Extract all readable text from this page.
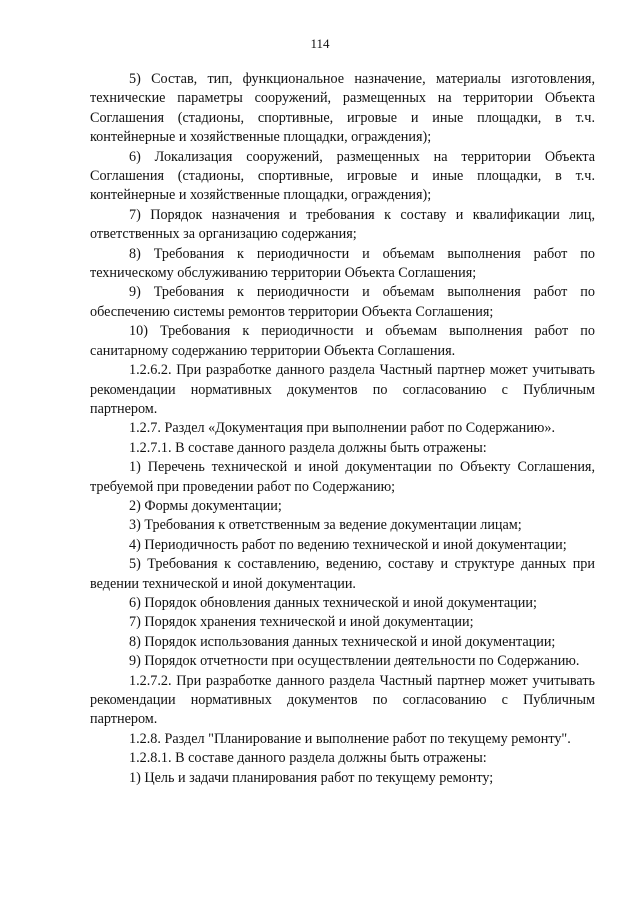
114

5) Состав, тип, функциональное назначение, материалы изготовления, технические параметры сооружений, размещенных на территории Объекта Соглашения (стадионы, спортивные, игровые и иные площадки, в т.ч. контейнерные и хозяйственные площадки, ограждения);

6) Локализация сооружений, размещенных на территории Объекта Соглашения (стадионы, спортивные, игровые и иные площадки, в т.ч. контейнерные и хозяйственные площадки, ограждения);

7) Порядок назначения и требования к составу и квалификации лиц, ответственных за организацию содержания;

8) Требования к периодичности и объемам выполнения работ по техническому обслуживанию территории Объекта Соглашения;

9) Требования к периодичности и объемам выполнения работ по обеспечению системы ремонтов территории Объекта Соглашения;

10) Требования к периодичности и объемам выполнения работ по санитарному содержанию территории Объекта Соглашения.

1.2.6.2. При разработке данного раздела Частный партнер может учитывать рекомендации нормативных документов по согласованию с Публичным партнером.

1.2.7. Раздел «Документация при выполнении работ по Содержанию».

1.2.7.1. В составе данного раздела должны быть отражены:

1) Перечень технической и иной документации по Объекту Соглашения, требуемой при проведении работ по Содержанию;

2) Формы документации;

3) Требования к ответственным за ведение документации лицам;

4) Периодичность работ по ведению технической и иной документации;

5) Требования к составлению, ведению, составу и структуре данных при ведении технической и иной документации.

6) Порядок обновления данных технической и иной документации;

7) Порядок хранения технической и иной документации;

8) Порядок использования данных технической и иной документации;

9) Порядок отчетности при осуществлении деятельности по Содержанию.

1.2.7.2. При разработке данного раздела Частный партнер может учитывать рекомендации нормативных документов по согласованию с Публичным партнером.

1.2.8. Раздел "Планирование и выполнение работ по текущему ремонту".

1.2.8.1. В составе данного раздела должны быть отражены:

1) Цель и задачи планирования работ по текущему ремонту;
